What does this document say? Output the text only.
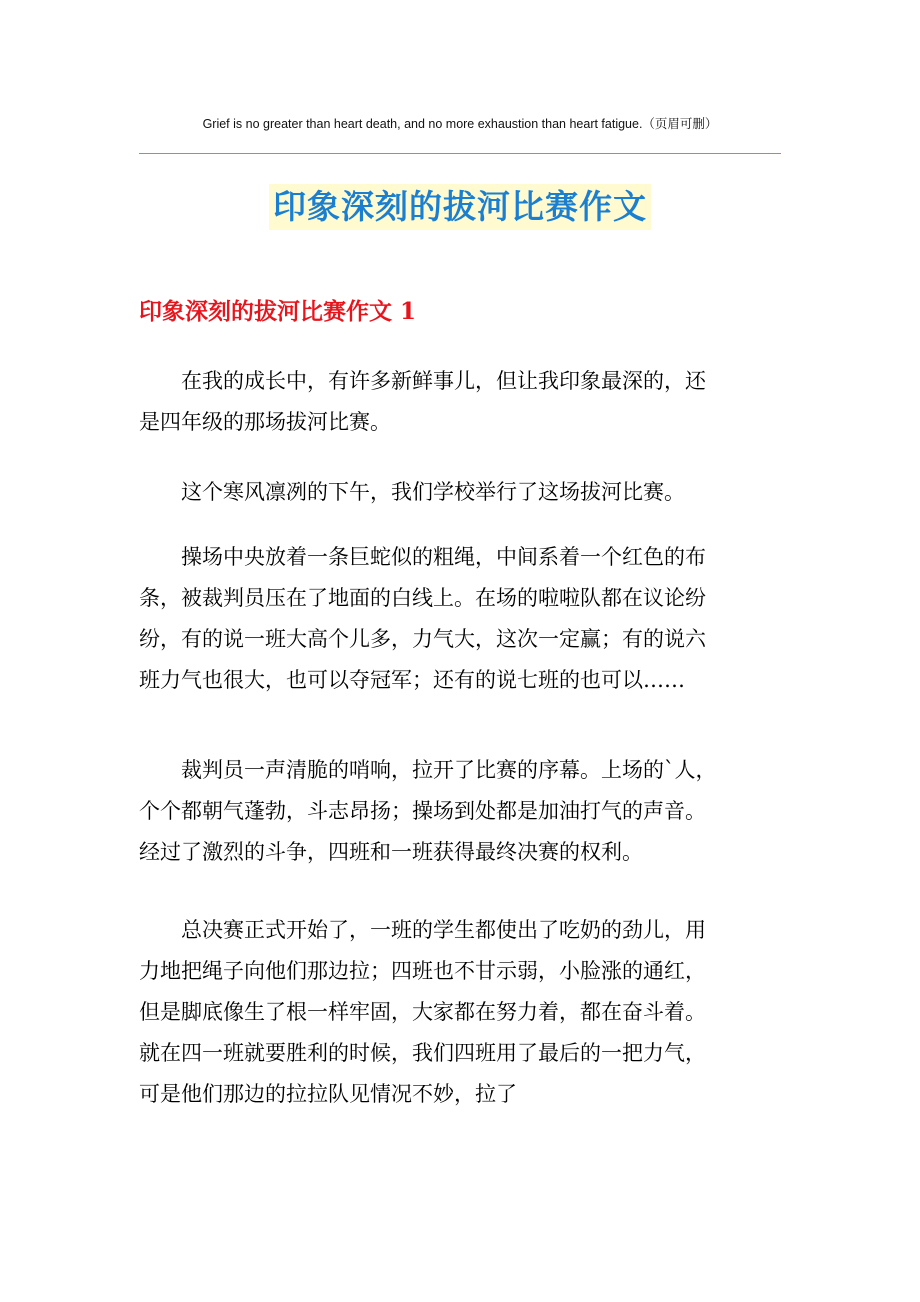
Grief is no greater than heart death, and no more exhaustion than heart fatigue.（页眉可删）
印象深刻的拔河比赛作文
印象深刻的拔河比赛作文 1

在我的成长中，有许多新鲜事儿，但让我印象最深的，还
是四年级的那场拔河比赛。

这个寒风凛冽的下午，我们学校举行了这场拔河比赛。

操场中央放着一条巨蛇似的粗绳，中间系着一个红色的布
条，被裁判员压在了地面的白线上。在场的啦啦队都在议论纷
纷，有的说一班大高个儿多，力气大，这次一定赢；有的说六
班力气也很大，也可以夺冠军；还有的说七班的也可以……

裁判员一声清脆的哨响，拉开了比赛的序幕。上场的`人，
个个都朝气蓬勃，斗志昂扬；操场到处都是加油打气的声音。
经过了激烈的斗争，四班和一班获得最终决赛的权利。

总决赛正式开始了，一班的学生都使出了吃奶的劲儿，用
力地把绳子向他们那边拉；四班也不甘示弱，小脸涨的通红，
但是脚底像生了根一样牢固，大家都在努力着，都在奋斗着。
就在四一班就要胜利的时候，我们四班用了最后的一把力气，
可是他们那边的拉拉队见情况不妙，拉了
